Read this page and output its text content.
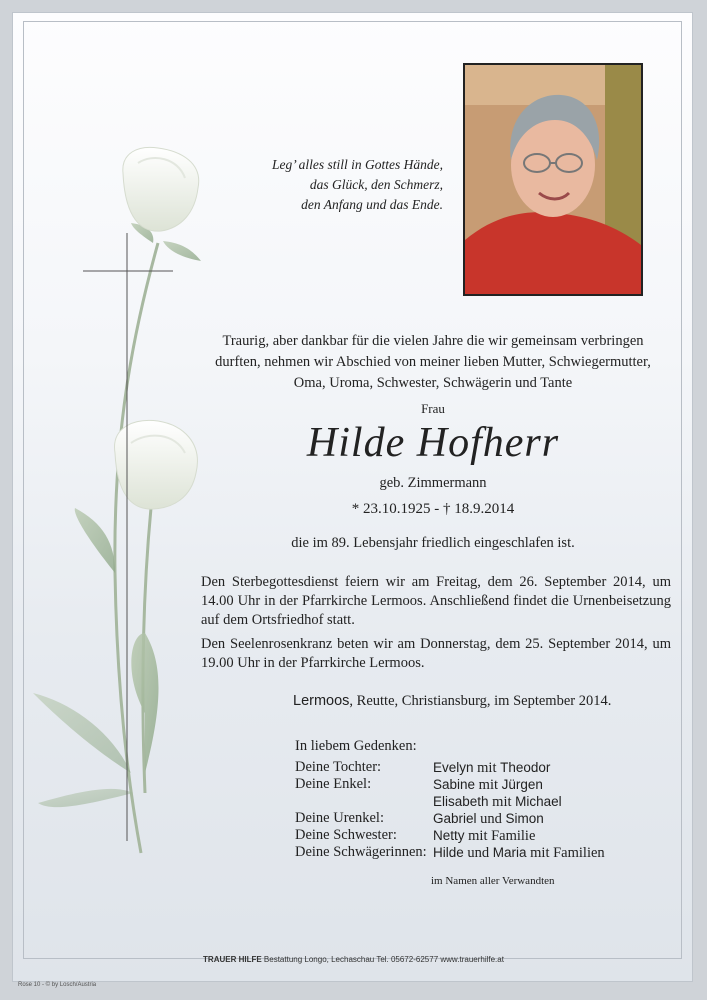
Leg’ alles still in Gottes Hände,
das Glück, den Schmerz,
den Anfang und das Ende.
Traurig, aber dankbar für die vielen Jahre die wir gemeinsam verbringen
durften, nehmen wir Abschied von meiner lieben Mutter, Schwiegermutter,
Oma, Uroma, Schwester, Schwägerin und Tante
Frau
Hilde Hofherr
geb. Zimmermann
* 23.10.1925 - † 18.9.2014
die im 89. Lebensjahr friedlich eingeschlafen ist.
Den Sterbegottesdienst feiern wir am Freitag, dem 26. September 2014, um 14.00 Uhr in der Pfarrkirche Lermoos. Anschließend findet die Urnenbeisetzung auf dem Ortsfriedhof statt.
Den Seelenrosenkranz beten wir am Donnerstag, dem 25. September 2014, um 19.00 Uhr in der Pfarrkirche Lermoos.
Lermoos, Reutte, Christiansburg, im September 2014.
In liebem Gedenken:
Deine Tochter:	Evelyn mit Theodor
Deine Enkel:	Sabine mit Jürgen
Elisabeth mit Michael
Deine Urenkel:	Gabriel und Simon
Deine Schwester:	Netty mit Familie
Deine Schwägerinnen: Hilde und Maria mit Familien
im Namen aller Verwandten
TRAUER HILFE Bestattung Longo, Lechaschau Tel. 05672-62577 www.trauerhilfe.at
Rose 10 - © by Losch/Austria
